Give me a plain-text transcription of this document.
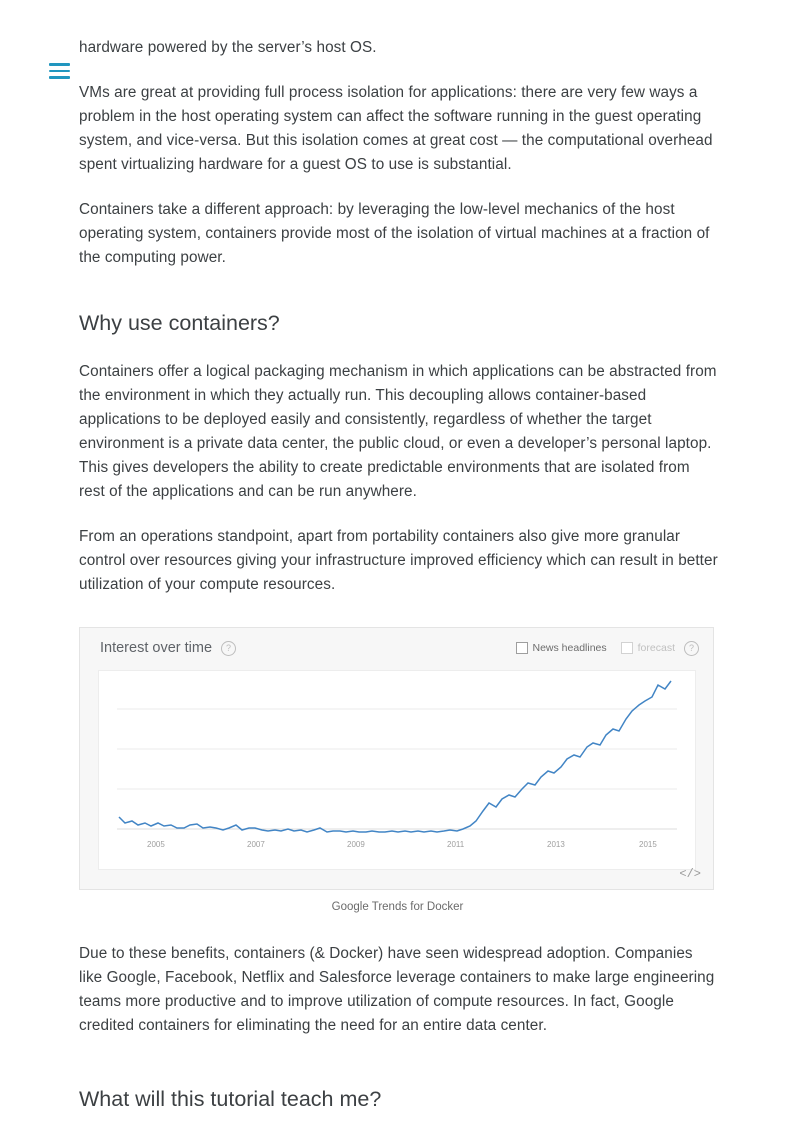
hardware powered by the server’s host OS.

VMs are great at providing full process isolation for applications: there are very few ways a problem in the host operating system can affect the software running in the guest operating system, and vice-versa. But this isolation comes at great cost — the computational overhead spent virtualizing hardware for a guest OS to use is substantial.

Containers take a different approach: by leveraging the low-level mechanics of the host operating system, containers provide most of the isolation of virtual machines at a fraction of the computing power.

Why use containers?

Containers offer a logical packaging mechanism in which applications can be abstracted from the environment in which they actually run. This decoupling allows container-based applications to be deployed easily and consistently, regardless of whether the target environment is a private data center, the public cloud, or even a developer’s personal laptop. This gives developers the ability to create predictable environments that are isolated from rest of the applications and can be run anywhere.

From an operations standpoint, apart from portability containers also give more granular control over resources giving your infrastructure improved efficiency which can result in better utilization of your compute resources.

Interest over time	?	News headlines	forecast	?
2005	2007	2009	2011	2013	2015
</>
Google Trends for Docker

Due to these benefits, containers (& Docker) have seen widespread adoption. Companies like Google, Facebook, Netflix and Salesforce leverage containers to make large engineering teams more productive and to improve utilization of compute resources. In fact, Google credited containers for eliminating the need for an entire data center.

What will this tutorial teach me?
